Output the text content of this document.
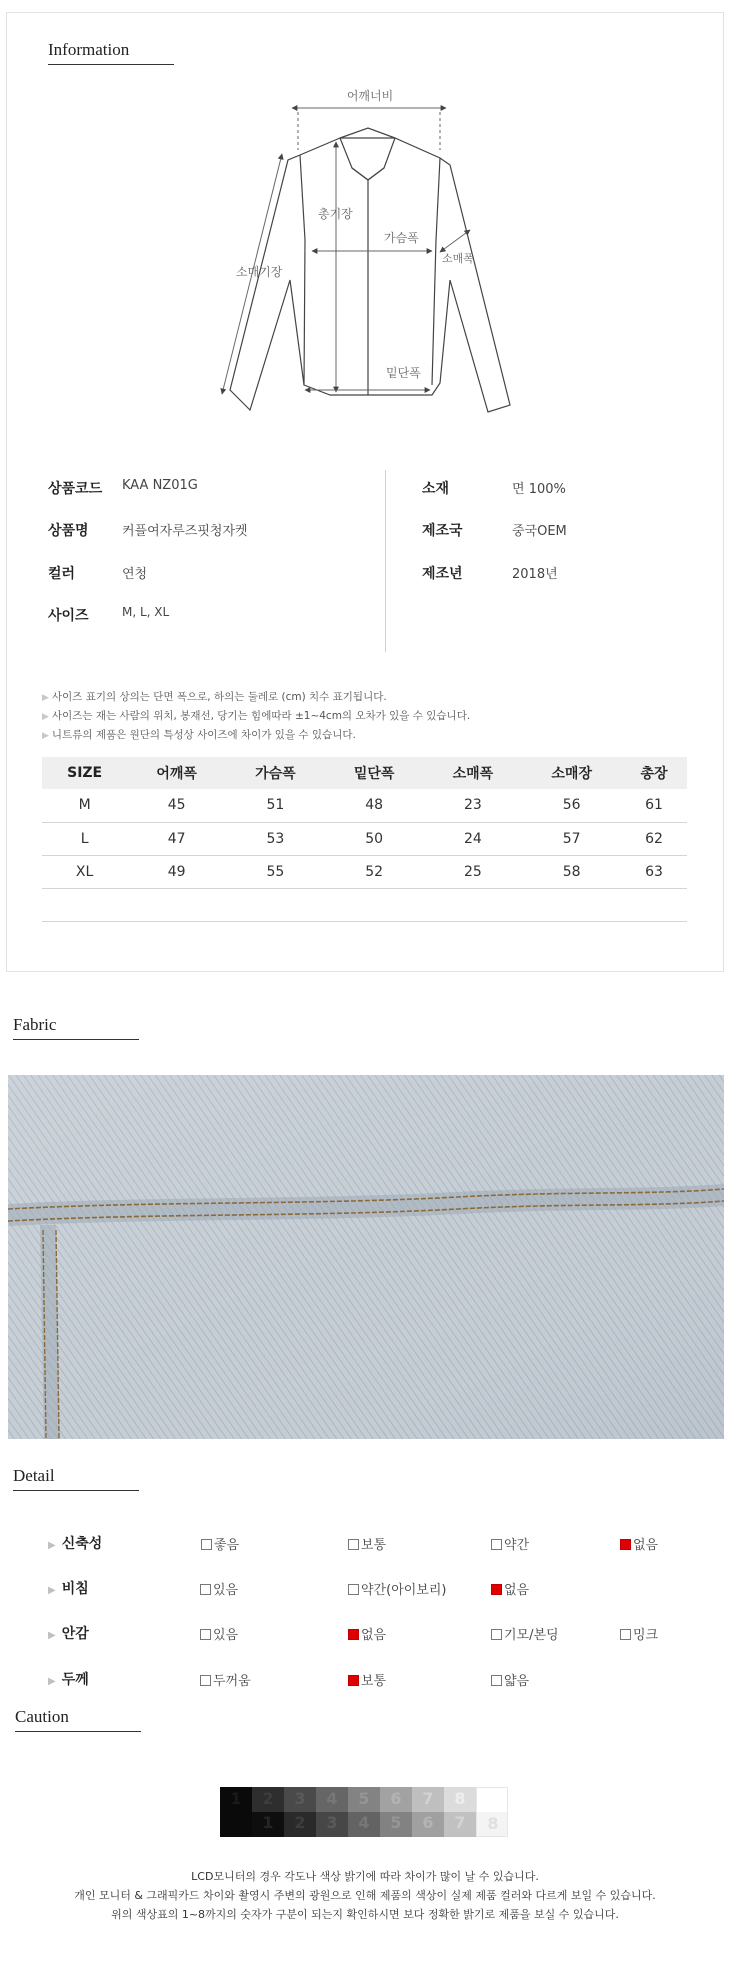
Information
어깨너비
총기장
가슴폭
소매폭
소매기장
밑단폭
상품코드 KAA NZ01G
상품명	커플여자루즈핏청자켓
컬러	연청
사이즈	M, L, XL
소재	면 100%
제조국	중국OEM
제조년	2018년
▶ 사이즈 표기의 상의는 단면 폭으로, 하의는 둘레로 (cm) 치수 표기됩니다.
▶ 사이즈는 재는 사람의 위치, 봉재선, 당기는 힘에따라 ±1~4cm의 오차가 있을 수 있습니다.
▶ 니트류의 제품은 원단의 특성상 사이즈에 차이가 있을 수 있습니다.
SIZE	어깨폭	가슴폭	밑단폭	소매폭	소매장	총장
M	45	51	48	23	56	61
L	47	53	50	24	57	62
XL	49	55	52	25	58	63

Fabric
Detail
▶ 신축성	좋음	보통	약간	없음
▶ 비침	있음	약간(아이보리)	없음
▶ 안감	있음	없음	기모/본딩	밍크
▶ 두께	두꺼움	보통	얇음
Caution
1	2
1
3
2
4
3
5
4
6
5
7
6
8
7	8
LCD모니터의 경우 각도나 색상 밝기에 따라 차이가 많이 날 수 있습니다.
개인 모니터 & 그래픽카드 차이와 촬영시 주변의 광원으로 인해 제품의 색상이 실제 제품 컬러와 다르게 보일 수 있습니다.
위의 색상표의 1~8까지의 숫자가 구분이 되는지 확인하시면 보다 정확한 밝기로 제품을 보실 수 있습니다.
